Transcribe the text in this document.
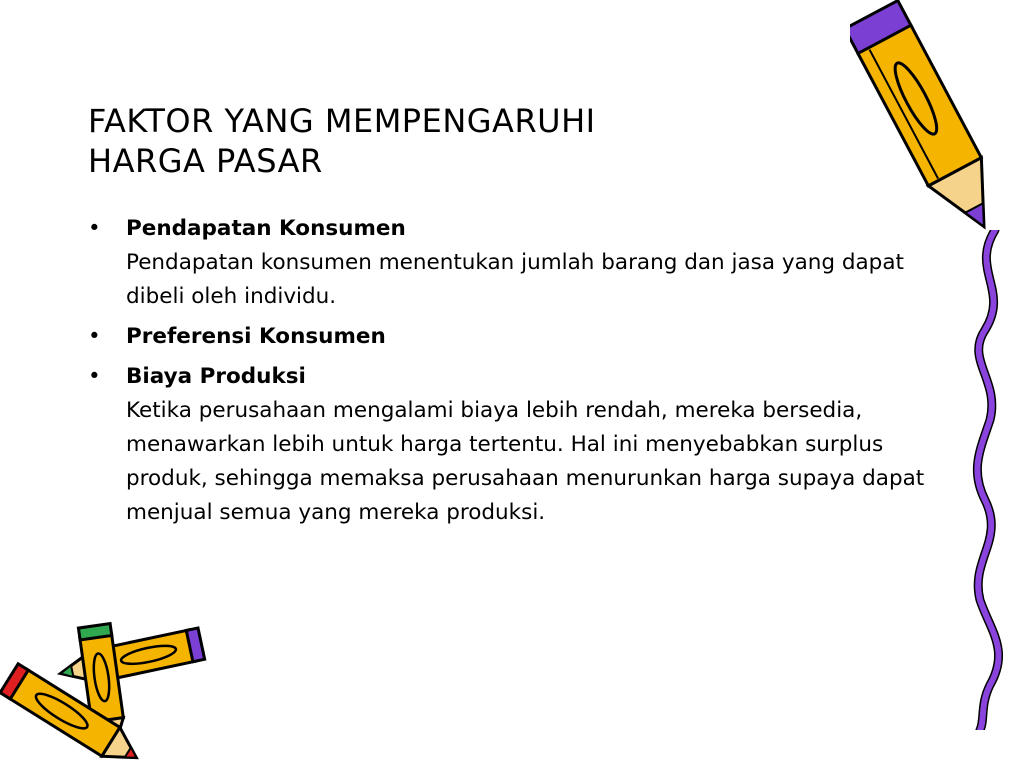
FAKTOR YANG MEMPENGARUHI
HARGA PASAR
• Pendapatan Konsumen
Pendapatan konsumen menentukan jumlah barang dan jasa yang dapat dibeli oleh individu.
• Preferensi Konsumen
• Biaya Produksi
Ketika perusahaan mengalami biaya lebih rendah, mereka bersedia, menawarkan lebih untuk harga tertentu. Hal ini menyebabkan surplus produk, sehingga memaksa perusahaan menurunkan harga supaya dapat menjual semua yang mereka produksi.
